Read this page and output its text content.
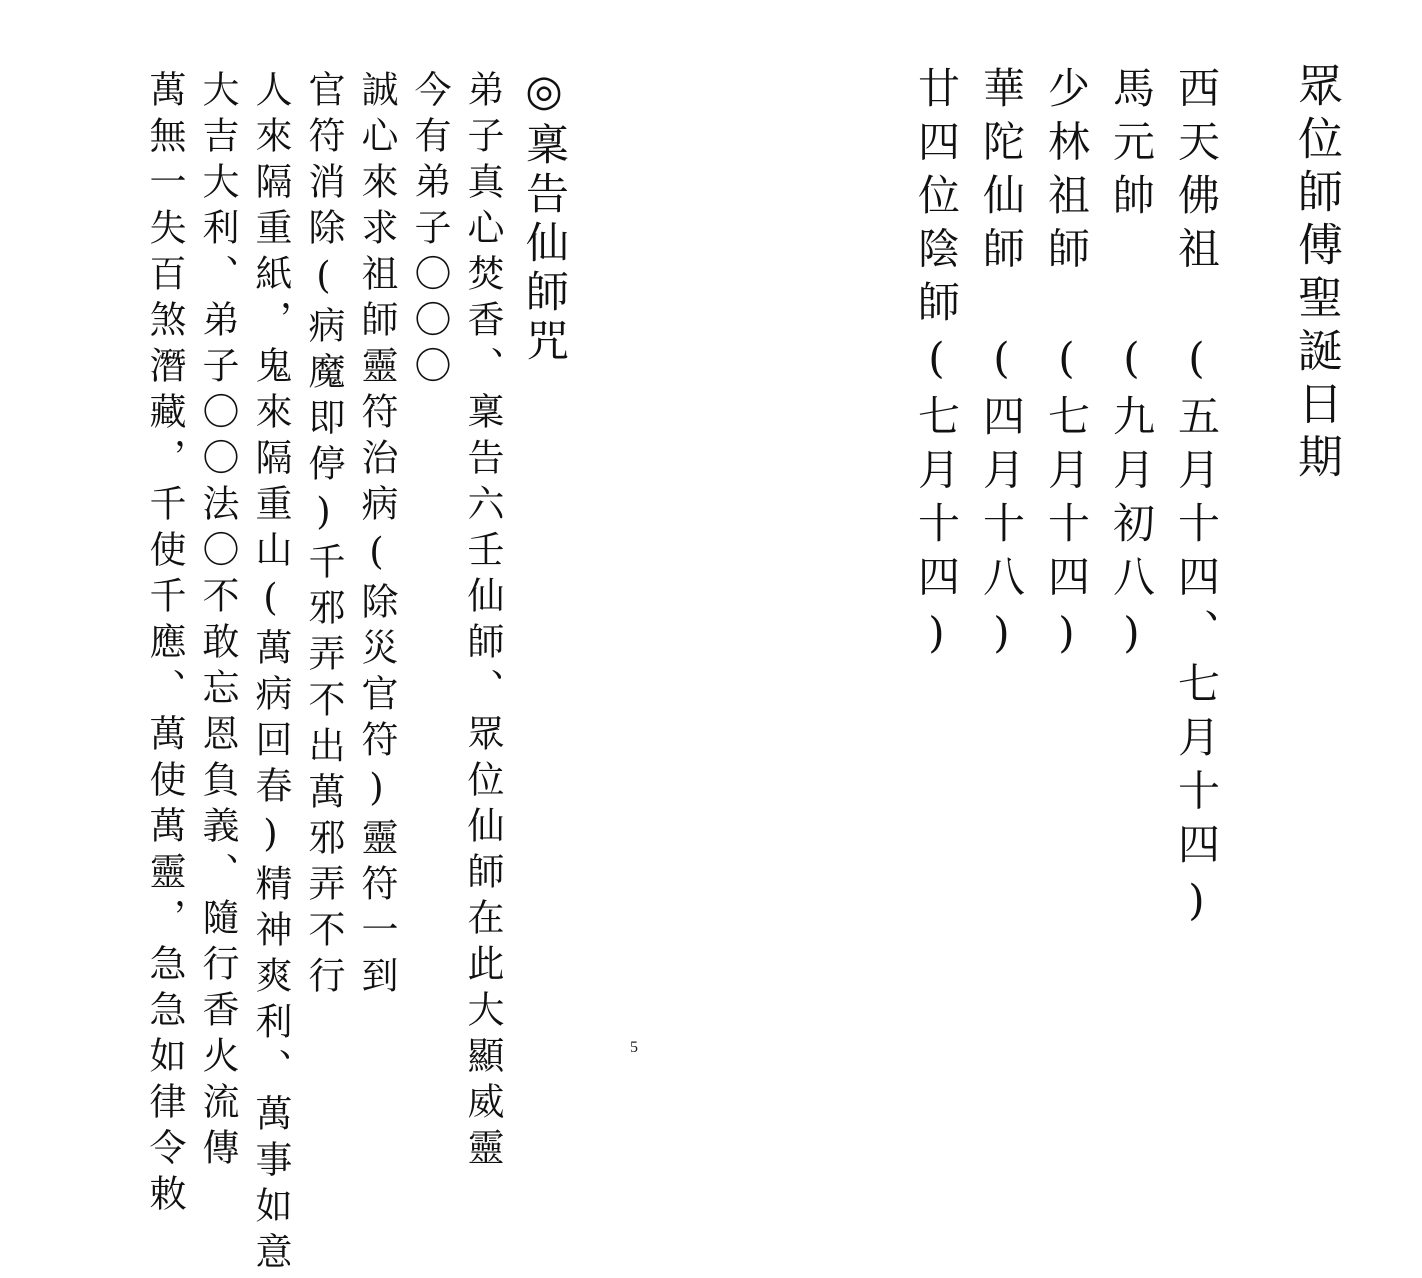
眾位師傅聖誕日期
西天佛祖　(五月十四、七月十四)
馬元帥　　(九月初八)
少林祖師　(七月十四)
華陀仙師　(四月十八)
廿四位陰師(七月十四)
◎稟告仙師咒
弟子真心焚香、稟告六壬仙師、眾位仙師在此大顯威靈
今有弟子〇〇〇
誠心來求祖師靈符治病(除災官符)靈符一到
官符消除(病魔即停)千邪弄不出萬邪弄不行
人來隔重紙，鬼來隔重山(萬病回春)精神爽利、萬事如意
大吉大利、弟子〇〇法〇不敢忘恩負義、隨行香火流傳
萬無一失百煞潛藏，千使千應、萬使萬靈，急急如律令敕	5
